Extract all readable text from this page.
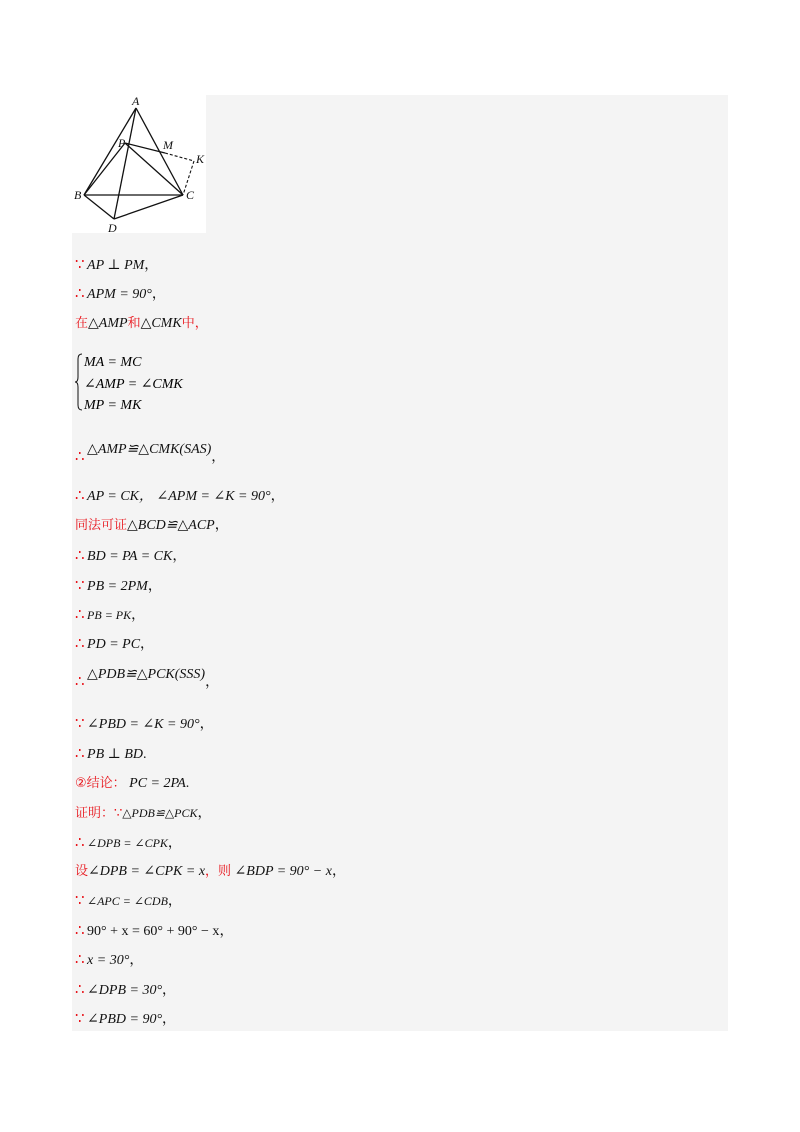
A
P	M
K
B	C
D
∵ AP ⊥ PM，
∴ APM = 90°，
在△AMP和△CMK中，
MA = MC
∠AMP = ∠CMK
MP = MK
∴ △AMP≌△CMK(SAS)，
∴ AP = CK， ∠APM = ∠K = 90°，
同法可证△BCD≌△ACP，
∴ BD = PA = CK，
∵ PB = 2PM，
∴ PB = PK，
∴ PD = PC，
∴ △PDB≌△PCK(SSS)，
∵ ∠PBD = ∠K = 90°，
∴ PB ⊥ BD.
②结论： PC = 2PA.
证明：∵△PDB≌△PCK，
∴ ∠DPB = ∠CPK，
设∠DPB = ∠CPK = x，则 ∠BDP = 90° − x，
∵ ∠APC = ∠CDB，
∴ 90° + x = 60° + 90° − x，
∴ x = 30°，
∴ ∠DPB = 30°，
∵ ∠PBD = 90°，
